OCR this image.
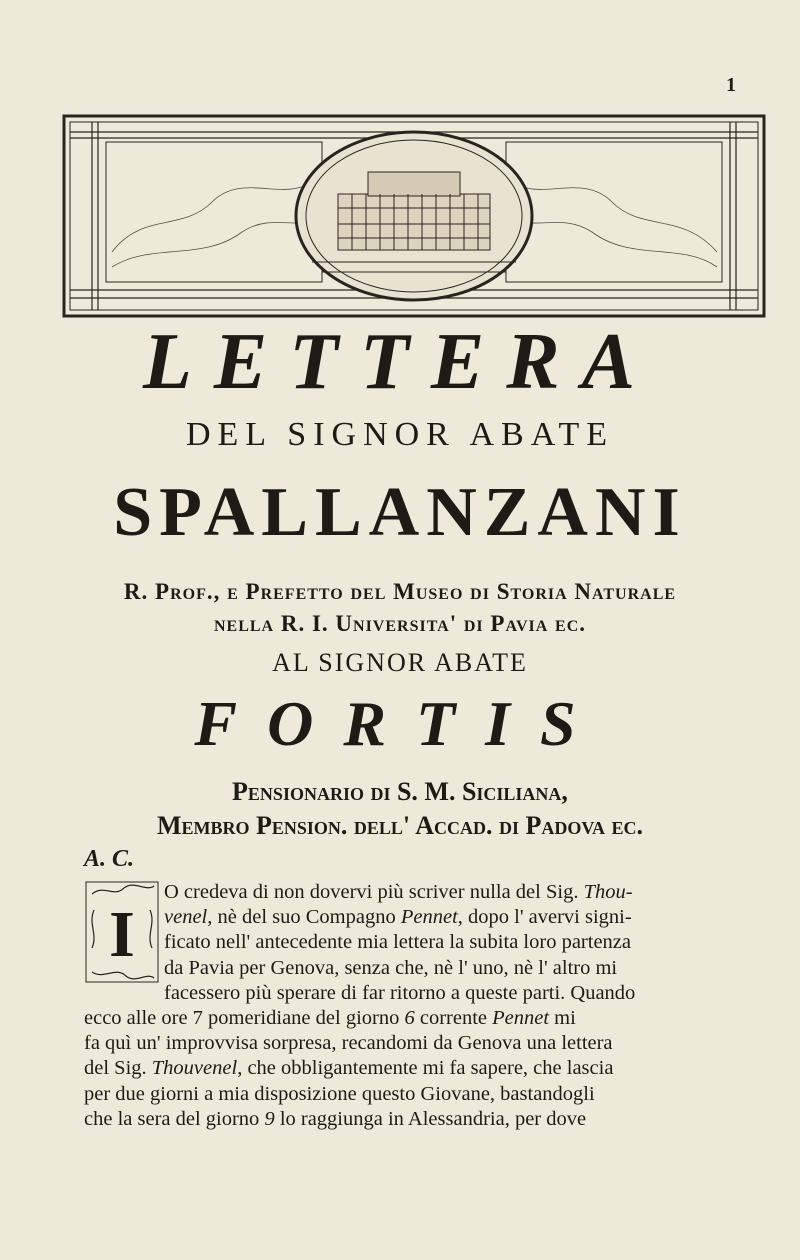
1
LETTERA
DEL SIGNOR ABATE
SPALLANZANI
R. Prof., e Prefetto del Museo di Storia Naturale
nella R. I. Universita' di Pavia ec.
AL SIGNOR ABATE
FORTIS
Pensionario di S. M. Siciliana,
Membro Pension. dell' Accad. di Padova ec.
A. C.
I
O credeva di non dovervi più scriver nulla del Sig. Thou-
venel, nè del suo Compagno Pennet, dopo l' avervi signi-
ficato nell' antecedente mia lettera la subita loro partenza
da Pavia per Genova, senza che, nè l' uno, nè l' altro mi
facessero più sperare di far ritorno a queste parti. Quando
ecco alle ore 7 pomeridiane del giorno 6 corrente Pennet mi
fa quì un' improvvisa sorpresa, recandomi da Genova una lettera
del Sig. Thouvenel, che obbligantemente mi fa sapere, che lascia
per due giorni a mia disposizione questo Giovane, bastandogli
che la sera del giorno 9 lo raggiunga in Alessandria, per dove
